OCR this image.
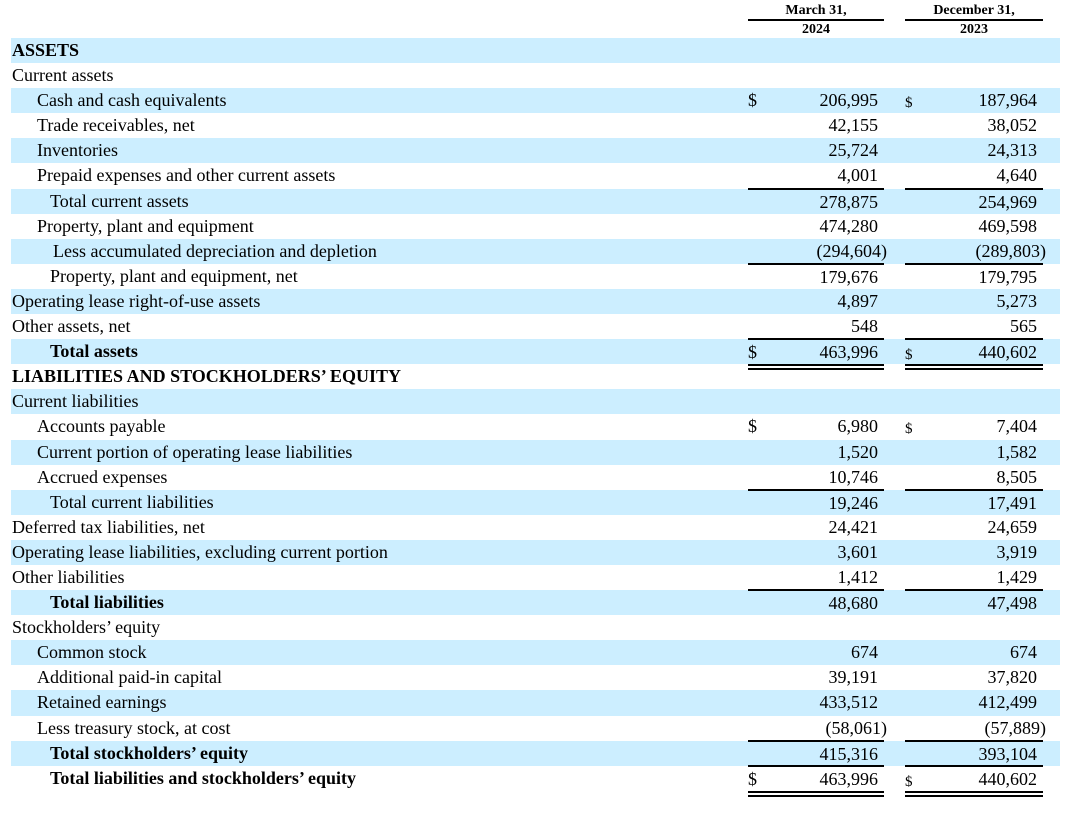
March 31,
2024
December 31,
2023
ASSETS
Current assets
Cash and cash equivalents	$	206,995 $	187,964
Trade receivables, net	42,155	38,052
Inventories	25,724	24,313
Prepaid expenses and other current assets	4,001	4,640
Total current assets	278,875	254,969
Property, plant and equipment	474,280	469,598
Less accumulated depreciation and depletion	(294,604)	(289,803)
Property, plant and equipment, net	179,676	179,795
Operating lease right-of-use assets	4,897	5,273
Other assets, net	548	565
Total assets	$	463,996 $	440,602
LIABILITIES AND STOCKHOLDERS’ EQUITY
Current liabilities
Accounts payable	$	6,980 $	7,404
Current portion of operating lease liabilities	1,520	1,582
Accrued expenses	10,746	8,505
Total current liabilities	19,246	17,491
Deferred tax liabilities, net	24,421	24,659
Operating lease liabilities, excluding current portion	3,601	3,919
Other liabilities	1,412	1,429
Total liabilities	48,680	47,498
Stockholders’ equity
Common stock	674	674
Additional paid-in capital	39,191	37,820
Retained earnings	433,512	412,499
Less treasury stock, at cost	(58,061)	(57,889)
Total stockholders’ equity	415,316	393,104
Total liabilities and stockholders’ equity	$	463,996 $	440,602
